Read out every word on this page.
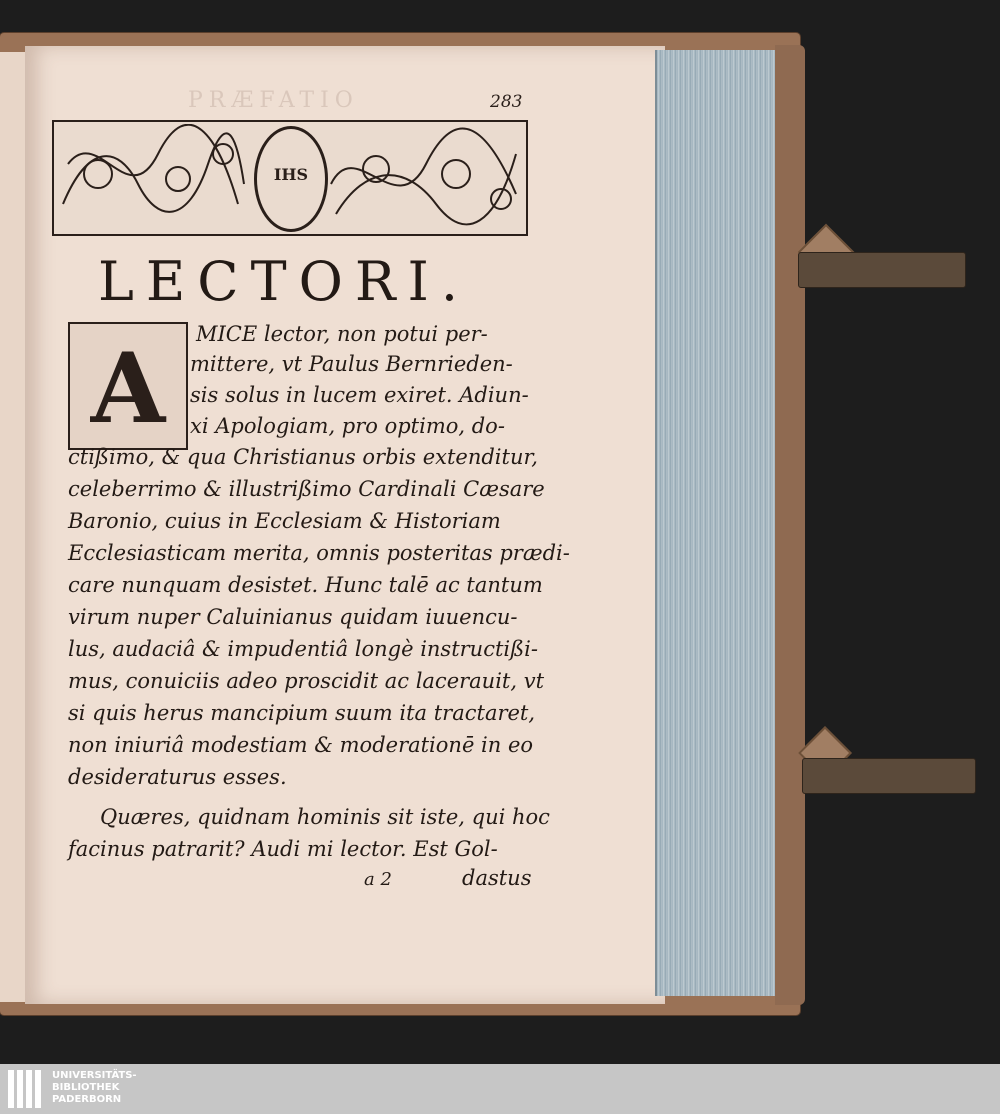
PRÆFATIO	283
IHS
LECTORI.
A	MICE lector, non potui per-
mittere, vt Paulus Bernrieden-
sis solus in lucem exiret. Adiun-
xi Apologiam, pro optimo, do-
ctißimo, & qua Christianus orbis extenditur,
celeberrimo & illustrißimo Cardinali Cæsare
Baronio, cuius in Ecclesiam & Historiam
Ecclesiasticam merita, omnis posteritas prædi-
care nunquam desistet. Hunc talē ac tantum
virum nuper Caluinianus quidam iuuencu-
lus, audaciâ & impudentiâ longè instructißi-
mus, conuiciis adeo proscidit ac lacerauit, vt
si quis herus mancipium suum ita tractaret,
non iniuriâ modestiam & moderationē in eo
desideraturus esses.
Quæres, quidnam hominis sit iste, qui hoc
facinus patrarit? Audi mi lector. Est Gol-
a 2	dastus
UNIVERSITÄTS-
BIBLIOTHEK
PADERBORN
